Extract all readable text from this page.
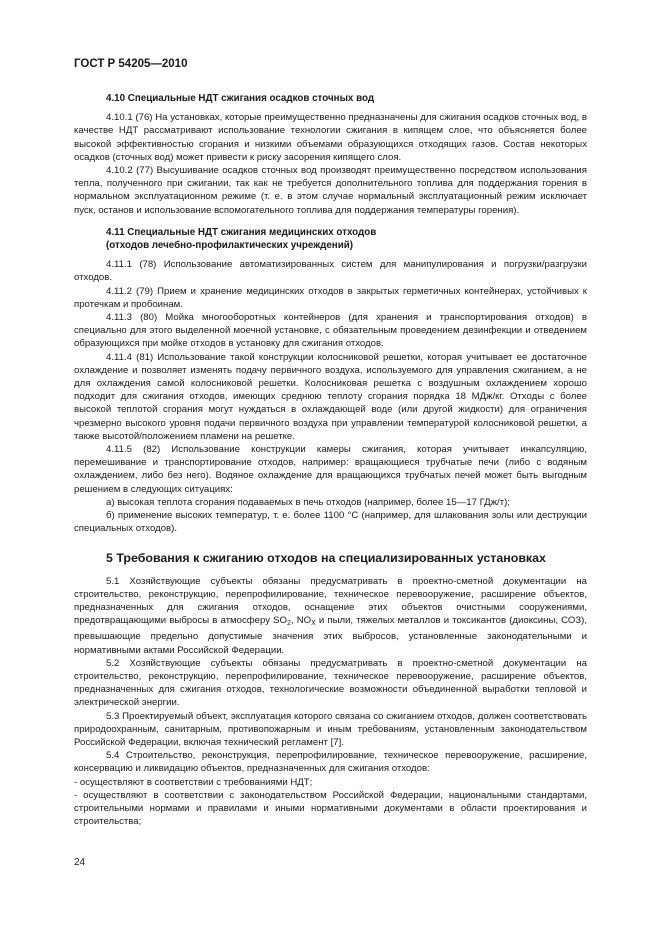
ГОСТ Р 54205—2010
4.10 Специальные НДТ сжигания осадков сточных вод

4.10.1 (76) На установках, которые преимущественно предназначены для сжигания осадков сточных вод, в качестве НДТ рассматривают использование технологии сжигания в кипящем слое, что объясняется более высокой эффективностью сгорания и низкими объемами образующихся отходящих газов. Состав некоторых осадков (сточных вод) может привести к риску засорения кипящего слоя.

4.10.2 (77) Высушивание осадков сточных вод производят преимущественно посредством использования тепла, полученного при сжигании, так как не требуется дополнительного топлива для поддержания горения в нормальном эксплуатационном режиме (т. е. в этом случае нормальный эксплуатационный режим исключает пуск, останов и использование вспомогательного топлива для поддержания температуры горения).

4.11 Специальные НДТ сжигания медицинских отходов
(отходов лечебно-профилактических учреждений)

4.11.1 (78) Использование автоматизированных систем для манипулирования и погрузки/разгрузки отходов.

4.11.2 (79) Прием и хранение медицинских отходов в закрытых герметичных контейнерах, устойчивых к протечкам и пробоинам.

4.11.3 (80) Мойка многооборотных контейнеров (для хранения и транспортирования отходов) в специально для этого выделенной моечной установке, с обязательным проведением дезинфекции и отведением образующихся при мойке отходов в установку для сжигания отходов.

4.11.4 (81) Использование такой конструкции колосниковой решетки, которая учитывает ее достаточное охлаждение и позволяет изменять подачу первичного воздуха, используемого для управления сжиганием, а не для охлаждения самой колосниковой решетки. Колосниковая решетка с воздушным охлаждением хорошо подходит для сжигания отходов, имеющих среднюю теплоту сгорания порядка 18 МДж/кг. Отходы с более высокой теплотой сгорания могут нуждаться в охлаждающей воде (или другой жидкости) для ограничения чрезмерно высокого уровня подачи первичного воздуха при управлении температурой колосниковой решетки, а также высотой/положением пламени на решетке.

4.11.5 (82) Использование конструкции камеры сжигания, которая учитывает инкапсуляцию, перемешивание и транспортирование отходов, например: вращающиеся трубчатые печи (либо с водяным охлаждением, либо без него). Водяное охлаждение для вращающихся трубчатых печей может быть выгодным решением в следующих ситуациях:

а) высокая теплота сгорания подаваемых в печь отходов (например, более 15—17 ГДж/т);

б) применение высоких температур, т. е. более 1100 °С (например, для шлакования золы или деструкции специальных отходов).

5 Требования к сжиганию отходов на специализированных установках

5.1 Хозяйствующие субъекты обязаны предусматривать в проектно-сметной документации на строительство, реконструкцию, перепрофилирование, техническое перевооружение, расширение объектов, предназначенных для сжигания отходов, оснащение этих объектов очистными сооружениями, предотвращающими выбросы в атмосферу $SO_2$, $NO_X$ и пыли, тяжелых металлов и токсикантов (диоксины, СОЗ), превышающие предельно допустимые значения этих выбросов, установленные законодательными и нормативными актами Российской Федерации.

5.2 Хозяйствующие субъекты обязаны предусматривать в проектно-сметной документации на строительство, реконструкцию, перепрофилирование, техническое перевооружение, расширение объектов, предназначенных для сжигания отходов, технологические возможности объединенной выработки тепловой и электрической энергии.

5.3 Проектируемый объект, эксплуатация которого связана со сжиганием отходов, должен соответствовать природоохранным, санитарным, противопожарным и иным требованиям, установленным законодательством Российской Федерации, включая технический регламент [7].

5.4 Строительство, реконструкция, перепрофилирование, техническое перевооружение, расширение, консервацию и ликвидацию объектов, предназначенных для сжигания отходов:

- осуществляют в соответствии с требованиями НДТ;

- осуществляют в соответствии с законодательством Российской Федерации, национальными стандартами, строительными нормами и правилами и иными нормативными документами в области проектирования и строительства;

24
